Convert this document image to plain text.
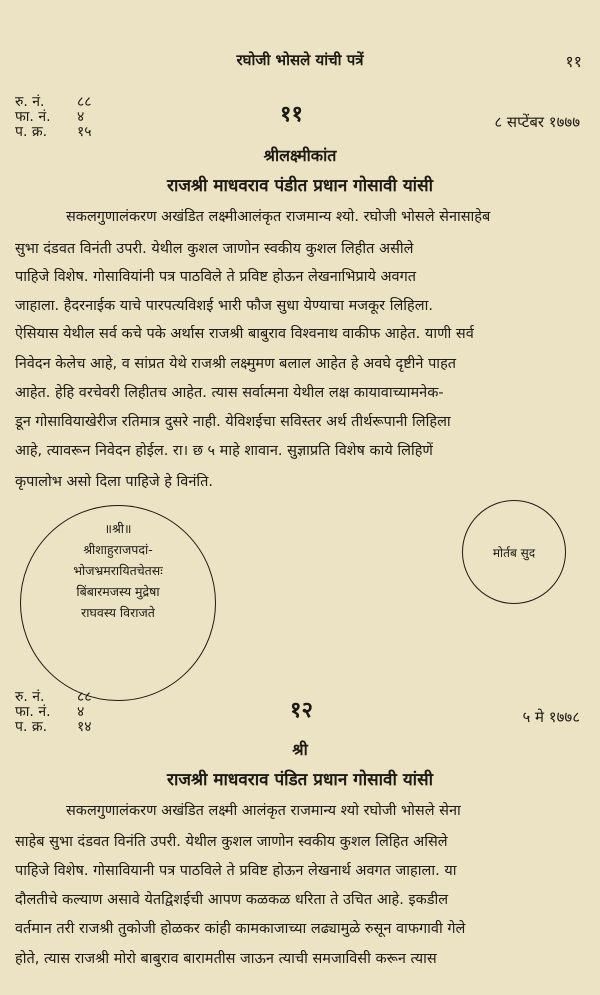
रघोजी भोसले यांची पत्रें	११
रु. नं. ८८
फा. नं. ४
प. क्र. १५
११	८ सप्टेंबर १७७७
श्रीलक्ष्मीकांत
राजश्री माधवराव पंडीत प्रधान गोसावी यांसी
सकलगुणालंकरण अखंडित लक्ष्मीआलंकृत राजमान्य श्यो. रघोजी भोसले सेनासाहेब
सुभा दंडवत विनंती उपरी. येथील कुशल जाणोन स्वकीय कुशल लिहीत असीले
पाहिजे विशेष. गोसावियांनी पत्र पाठविले ते प्रविष्ट होऊन लेखनाभिप्राये अवगत
जाहाला. हैदरनाईक याचे पारपत्यविशई भारी फौज सुधा येण्याचा मजकूर लिहिला.
ऐसियास येथील सर्व कचे पके अर्थास राजश्री बाबुराव विश्वनाथ वाकीफ आहेत. याणी सर्व
निवेदन केलेच आहे, व सांप्रत येथे राजश्री लक्ष्मुमण बलाल आहेत हे अवघे दृष्टीने पाहत
आहेत. हेहि वरचेवरी लिहीतच आहेत. त्यास सर्वात्मना येथील लक्ष कायावाच्यामनेक-
डून गोसावियाखेरीज रतिमात्र दुसरे नाही. येविशईचा सविस्तर अर्थ तीर्थरूपानी लिहिला
आहे, त्यावरून निवेदन होईल. रा। छ ५ माहे शावान. सुज्ञाप्रति विशेष काये लिहिणें
कृपालोभ असो दिला पाहिजे हे विनंति.
॥श्री॥
श्रीशाहुराजपदां-
भोजभ्रमरायितचेतसः
बिंबारमजस्य मुद्रेषा
राघवस्य विराजते
मोर्तब सुद
रु. नं. ८८
फा. नं. ४
प. क्र. १४
१२	५ मे १७७८
श्री
राजश्री माधवराव पंडित प्रधान गोसावी यांसी
सकलगुणालंकरण अखंडित लक्ष्मी आलंकृत राजमान्य श्यो रघोजी भोसले सेना
साहेब सुभा दंडवत विनंति उपरी. येथील कुशल जाणोन स्वकीय कुशल लिहित असिले
पाहिजे विशेष. गोसावियानी पत्र पाठविले ते प्रविष्ट होऊन लेखनार्थ अवगत जाहाला. या
दौलतीचे कल्याण असावे येतद्विशईची आपण कळकळ धरिता ते उचित आहे. इकडील
वर्तमान तरी राजश्री तुकोजी होळकर कांही कामकाजाच्या लढ्यामुळे रुसून वाफगावी गेले
होते, त्यास राजश्री मोरो बाबुराव बारामतीस जाऊन त्याची समजाविसी करून त्यास
